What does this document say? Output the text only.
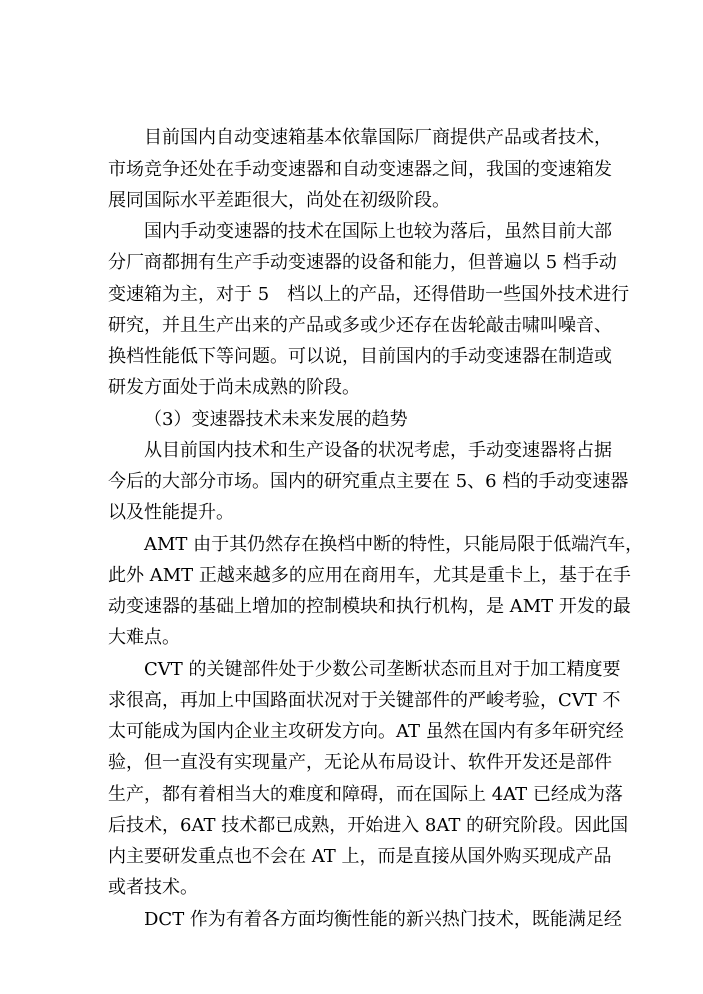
目前国内自动变速箱基本依靠国际厂商提供产品或者技术，
市场竞争还处在手动变速器和自动变速器之间，我国的变速箱发
展同国际水平差距很大，尚处在初级阶段。
国内手动变速器的技术在国际上也较为落后，虽然目前大部
分厂商都拥有生产手动变速器的设备和能力，但普遍以 5 档手动
变速箱为主，对于 5　档以上的产品，还得借助一些国外技术进行
研究，并且生产出来的产品或多或少还存在齿轮敲击啸叫噪音、
换档性能低下等问题。可以说，目前国内的手动变速器在制造或
研发方面处于尚未成熟的阶段。
（3）变速器技术未来发展的趋势
从目前国内技术和生产设备的状况考虑，手动变速器将占据
今后的大部分市场。国内的研究重点主要在 5、6 档的手动变速器
以及性能提升。
AMT 由于其仍然存在换档中断的特性，只能局限于低端汽车，
此外 AMT 正越来越多的应用在商用车，尤其是重卡上，基于在手
动变速器的基础上增加的控制模块和执行机构，是 AMT 开发的最
大难点。
CVT 的关键部件处于少数公司垄断状态而且对于加工精度要
求很高，再加上中国路面状况对于关键部件的严峻考验，CVT 不
太可能成为国内企业主攻研发方向。AT 虽然在国内有多年研究经
验，但一直没有实现量产，无论从布局设计、软件开发还是部件
生产，都有着相当大的难度和障碍，而在国际上 4AT 已经成为落
后技术，6AT 技术都已成熟，开始进入 8AT 的研究阶段。因此国
内主要研发重点也不会在 AT 上，而是直接从国外购买现成产品
或者技术。
DCT 作为有着各方面均衡性能的新兴热门技术，既能满足经
